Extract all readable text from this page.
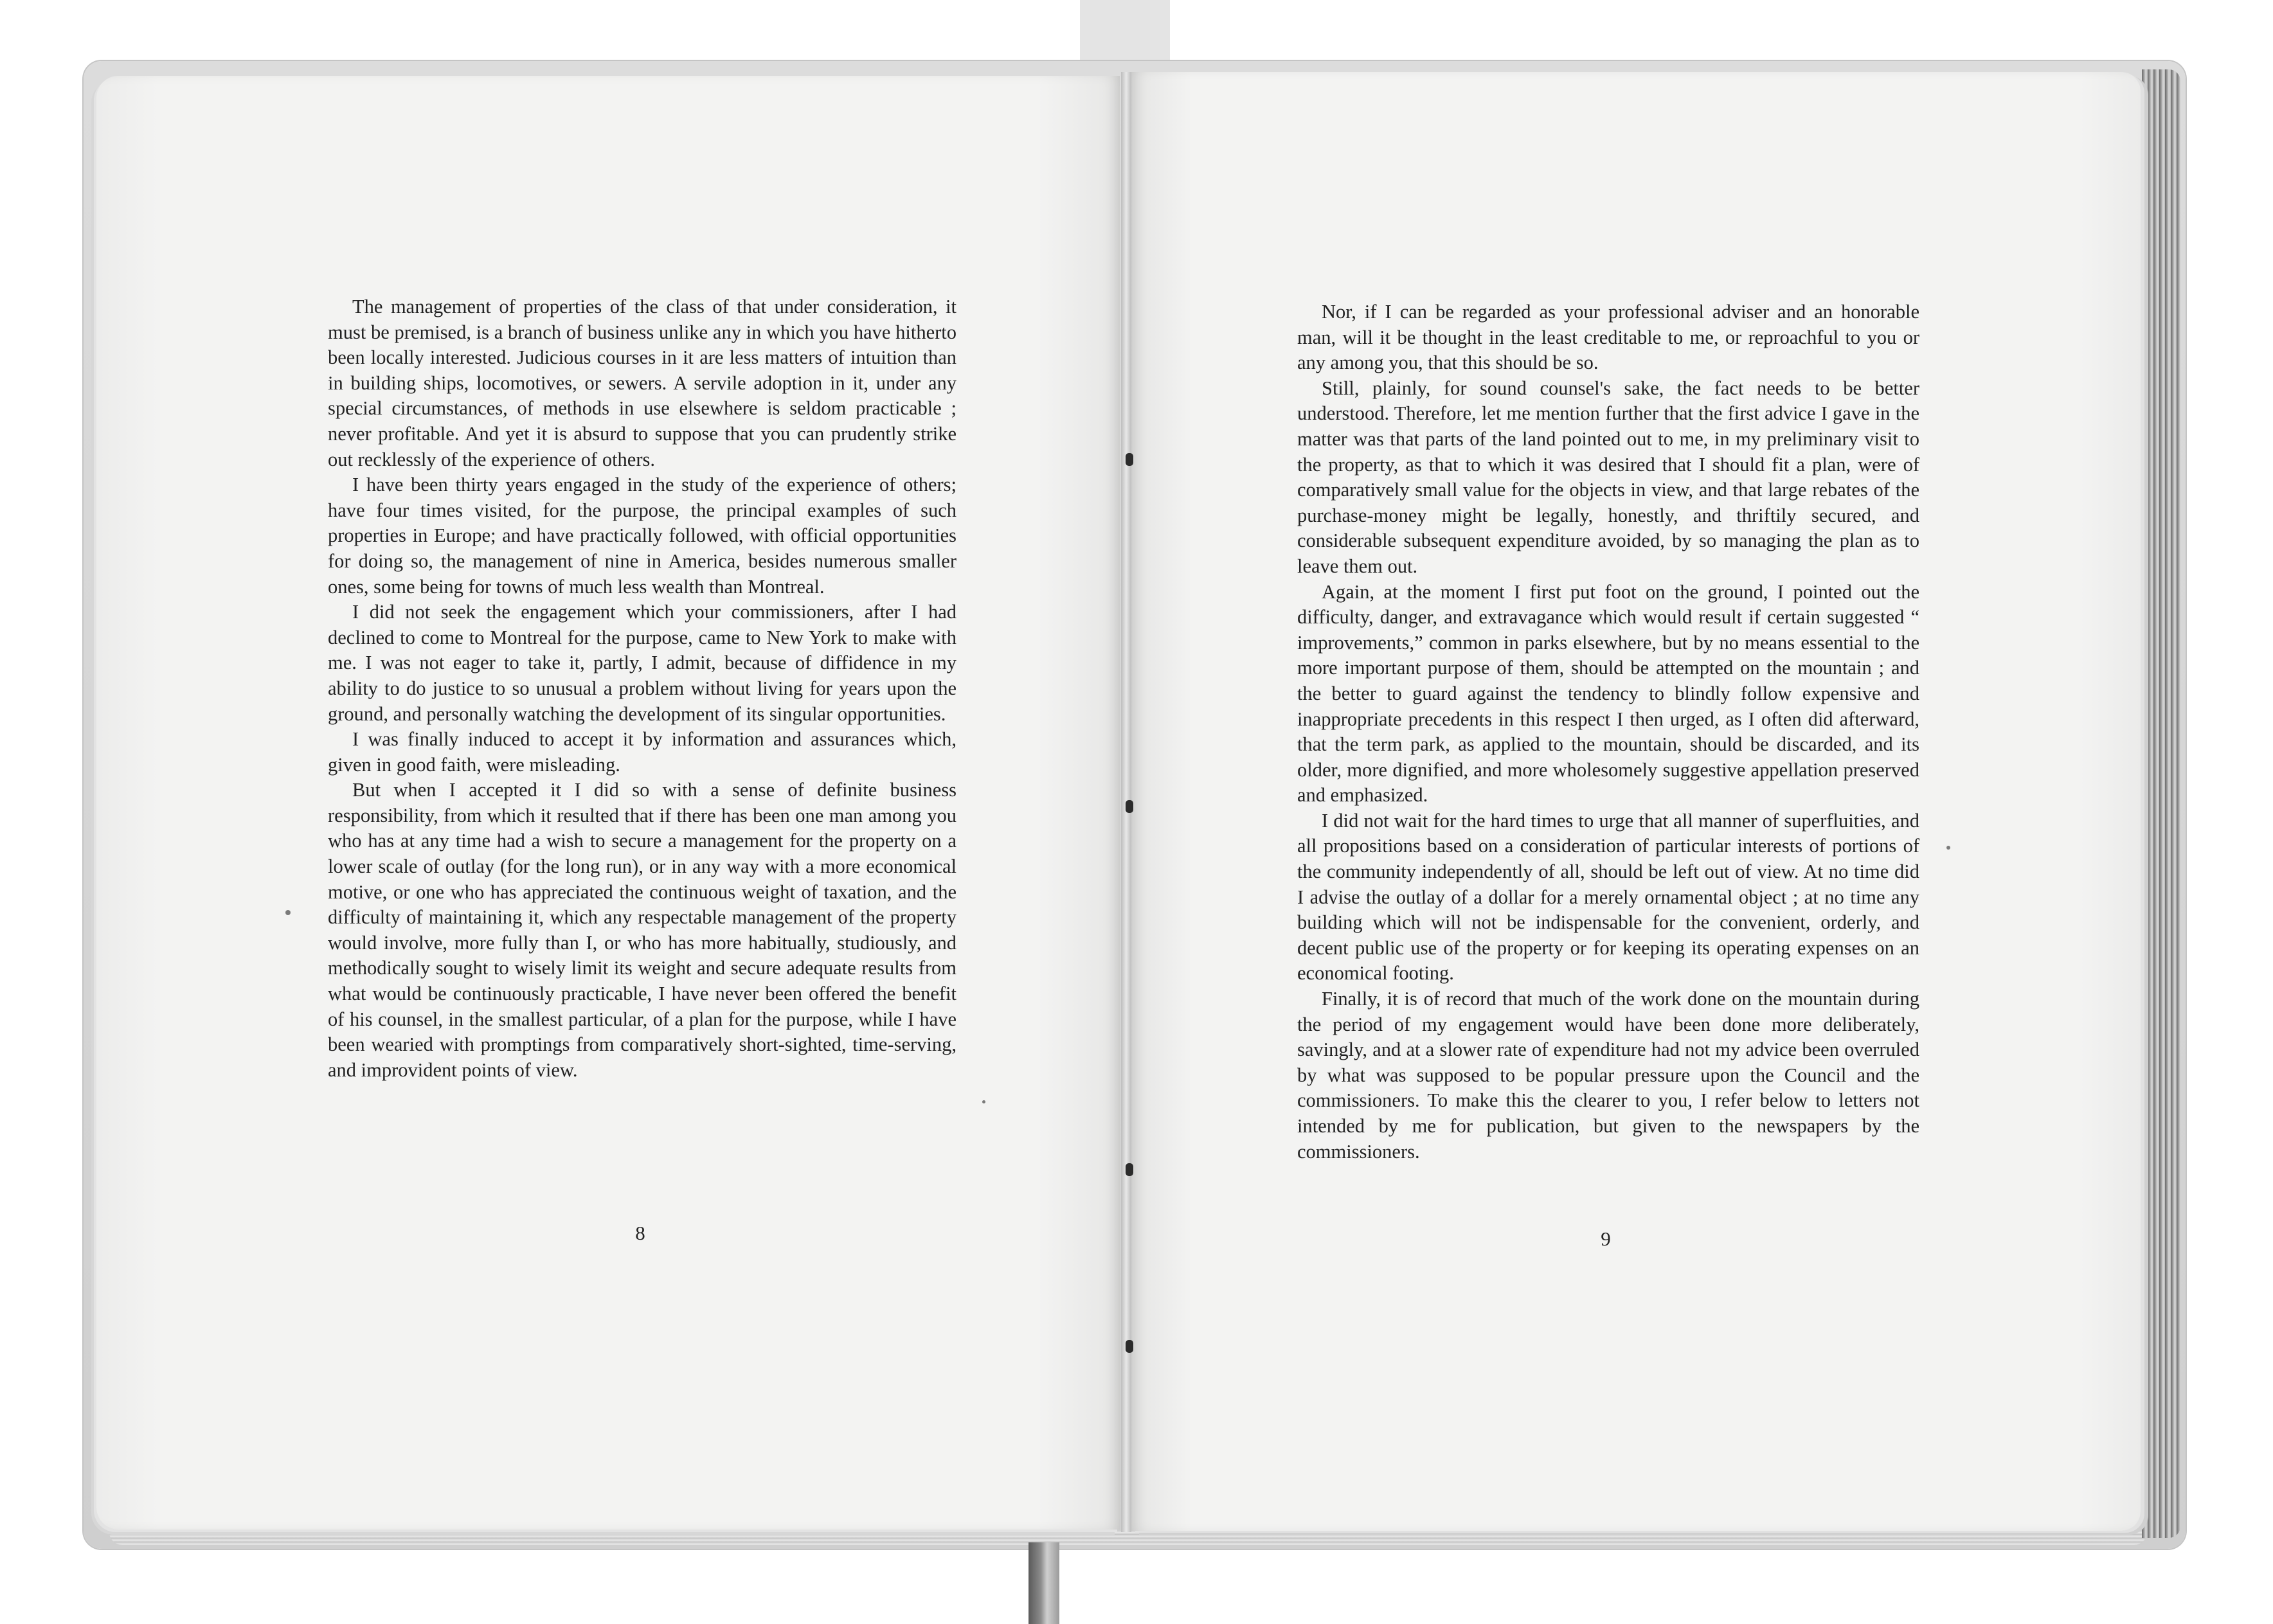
The management of properties of the class of that under consideration, it must be premised, is a branch of business unlike any in which you have hitherto been locally interested. Judicious courses in it are less matters of intuition than in building ships, locomotives, or sewers. A servile adoption in it, under any special circumstances, of methods in use elsewhere is seldom practicable ; never profitable. And yet it is absurd to suppose that you can prudently strike out recklessly of the experience of others.

I have been thirty years engaged in the study of the experience of others; have four times visited, for the purpose, the principal examples of such properties in Europe; and have practically followed, with official opportunities for doing so, the management of nine in America, besides numerous smaller ones, some being for towns of much less wealth than Montreal.

I did not seek the engagement which your commissioners, after I had declined to come to Montreal for the purpose, came to New York to make with me. I was not eager to take it, partly, I admit, because of diffidence in my ability to do justice to so unusual a problem without living for years upon the ground, and personally watching the development of its singular opportunities.

I was finally induced to accept it by information and assurances which, given in good faith, were misleading.

But when I accepted it I did so with a sense of definite business responsibility, from which it resulted that if there has been one man among you who has at any time had a wish to secure a management for the property on a lower scale of outlay (for the long run), or in any way with a more economical motive, or one who has appreciated the continuous weight of taxation, and the difficulty of maintaining it, which any respectable management of the property would involve, more fully than I, or who has more habitually, studiously, and methodically sought to wisely limit its weight and secure adequate results from what would be continuously practicable, I have never been offered the benefit of his counsel, in the smallest particular, of a plan for the purpose, while I have been wearied with promptings from comparatively short-sighted, time-serving, and improvident points of view.

8

Nor, if I can be regarded as your professional adviser and an honorable man, will it be thought in the least creditable to me, or reproachful to you or any among you, that this should be so.

Still, plainly, for sound counsel's sake, the fact needs to be better understood. Therefore, let me mention further that the first advice I gave in the matter was that parts of the land pointed out to me, in my preliminary visit to the property, as that to which it was desired that I should fit a plan, were of comparatively small value for the objects in view, and that large rebates of the purchase-money might be legally, honestly, and thriftily secured, and considerable subsequent expenditure avoided, by so managing the plan as to leave them out.

Again, at the moment I first put foot on the ground, I pointed out the difficulty, danger, and extravagance which would result if certain suggested “ improvements,” common in parks elsewhere, but by no means essential to the more important purpose of them, should be attempted on the mountain ; and the better to guard against the tendency to blindly follow expensive and inappropriate precedents in this respect I then urged, as I often did afterward, that the term park, as applied to the mountain, should be discarded, and its older, more dignified, and more wholesomely suggestive appellation preserved and emphasized.

I did not wait for the hard times to urge that all manner of superfluities, and all propositions based on a consideration of particular interests of portions of the community independently of all, should be left out of view. At no time did I advise the outlay of a dollar for a merely ornamental object ; at no time any building which will not be indispensable for the convenient, orderly, and decent public use of the property or for keeping its operating expenses on an economical footing.

Finally, it is of record that much of the work done on the mountain during the period of my engagement would have been done more deliberately, savingly, and at a slower rate of expenditure had not my advice been overruled by what was supposed to be popular pressure upon the Council and the commissioners. To make this the clearer to you, I refer below to letters not intended by me for publication, but given to the newspapers by the commissioners.

9
